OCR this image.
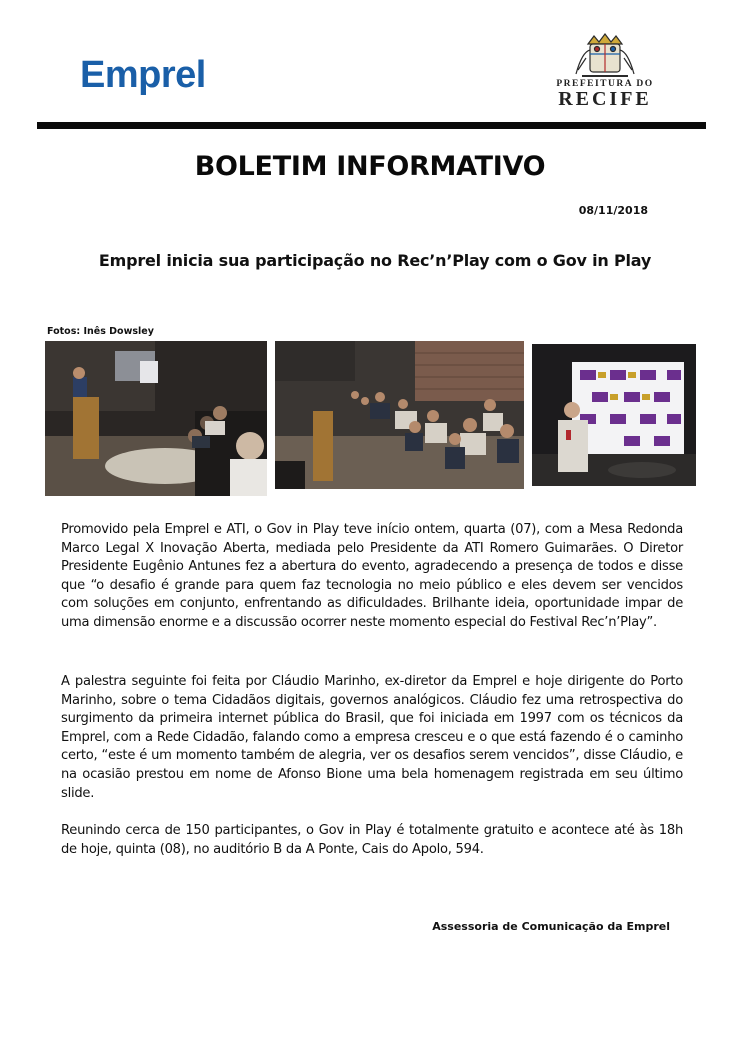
Emprel	PREFEITURA DO
RECIFE
BOLETIM INFORMATIVO
08/11/2018
Emprel inicia sua participação no Rec’n’Play com o Gov in Play
Fotos: Inês Dowsley
Promovido pela Emprel e ATI, o Gov in Play teve início ontem, quarta (07), com a Mesa Redonda Marco Legal X Inovação Aberta, mediada pelo Presidente da ATI Romero Guimarães. O Diretor Presidente Eugênio Antunes fez a abertura do evento, agradecendo a presença de todos e disse que “o desafio é grande para quem faz tecnologia no meio público e eles devem ser vencidos com soluções em conjunto, enfrentando as dificuldades. Brilhante ideia, oportunidade impar de uma dimensão enorme e a discussão ocorrer neste momento especial do Festival Rec’n’Play”.
A palestra seguinte foi feita por Cláudio Marinho, ex-diretor da Emprel e hoje dirigente do Porto Marinho, sobre o tema Cidadãos digitais, governos analógicos. Cláudio fez uma retrospectiva do surgimento da primeira internet pública do Brasil, que foi iniciada em 1997 com os técnicos da Emprel, com a Rede Cidadão, falando como a empresa cresceu e o que está fazendo é o caminho certo, “este é um momento também de alegria, ver os desafios serem vencidos”, disse Cláudio, e na ocasião prestou em nome de Afonso Bione uma bela homenagem registrada em seu último slide.
Reunindo cerca de 150 participantes, o Gov in Play é totalmente gratuito e acontece até às 18h de hoje, quinta (08), no auditório B da A Ponte, Cais do Apolo, 594.
Assessoria de Comunicação da Emprel
